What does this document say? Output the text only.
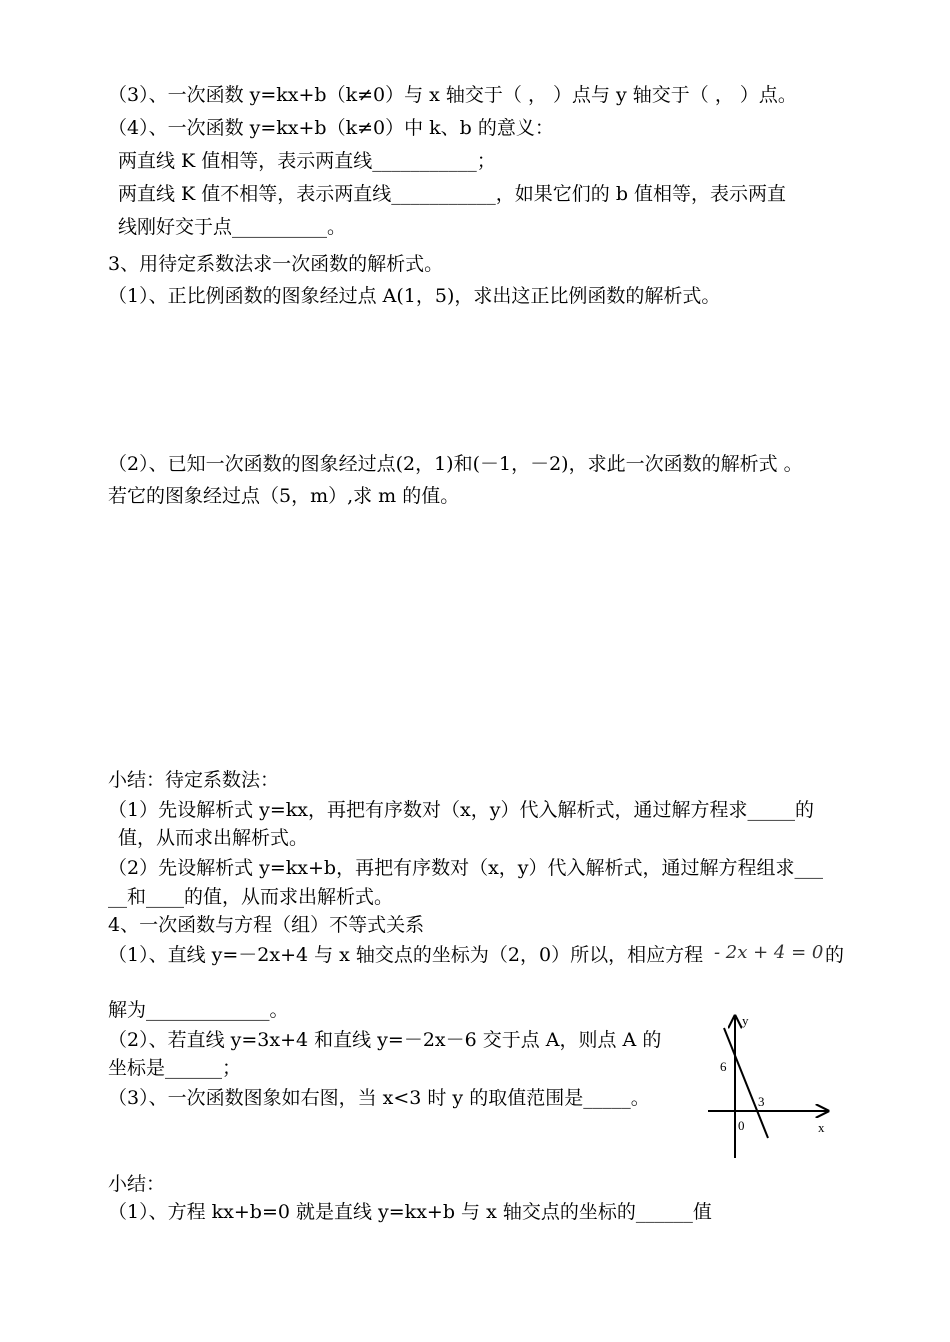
（3）、一次函数 y=kx+b（k≠0）与 x 轴交于（ ， ）点与 y 轴交于（ ， ）点。
（4）、一次函数 y=kx+b（k≠0）中 k、b 的意义：
两直线 K 值相等，表示两直线___________；
两直线 K 值不相等，表示两直线___________，如果它们的 b 值相等，表示两直
线刚好交于点__________。
3、用待定系数法求一次函数的解析式。
（1）、正比例函数的图象经过点 A(1，5)，求出这正比例函数的解析式。
（2）、已知一次函数的图象经过点(2，1)和(－1，－2)，求此一次函数的解析式 。
若它的图象经过点（5，m）,求 m 的值。
小结：待定系数法：
（1）先设解析式 y=kx，再把有序数对（x，y）代入解析式，通过解方程求_____的
值，从而求出解析式。
（2）先设解析式 y=kx+b，再把有序数对（x，y）代入解析式，通过解方程组求___
__和____的值，从而求出解析式。
4、一次函数与方程（组）不等式关系
（1）、直线 y=－2x+4 与 x 轴交点的坐标为（2，0）所以，相应方程 - 2x + 4 = 0 的
解为_____________。
（2）、若直线 y=3x+4 和直线 y=－2x－6 交于点 A，则点 A 的
坐标是______；
（3）、一次函数图象如右图，当 x<3 时 y 的取值范围是_____。
小结：
（1）、方程 kx+b=0 就是直线 y=kx+b 与 x 轴交点的坐标的______值
y
x
6
3
0
